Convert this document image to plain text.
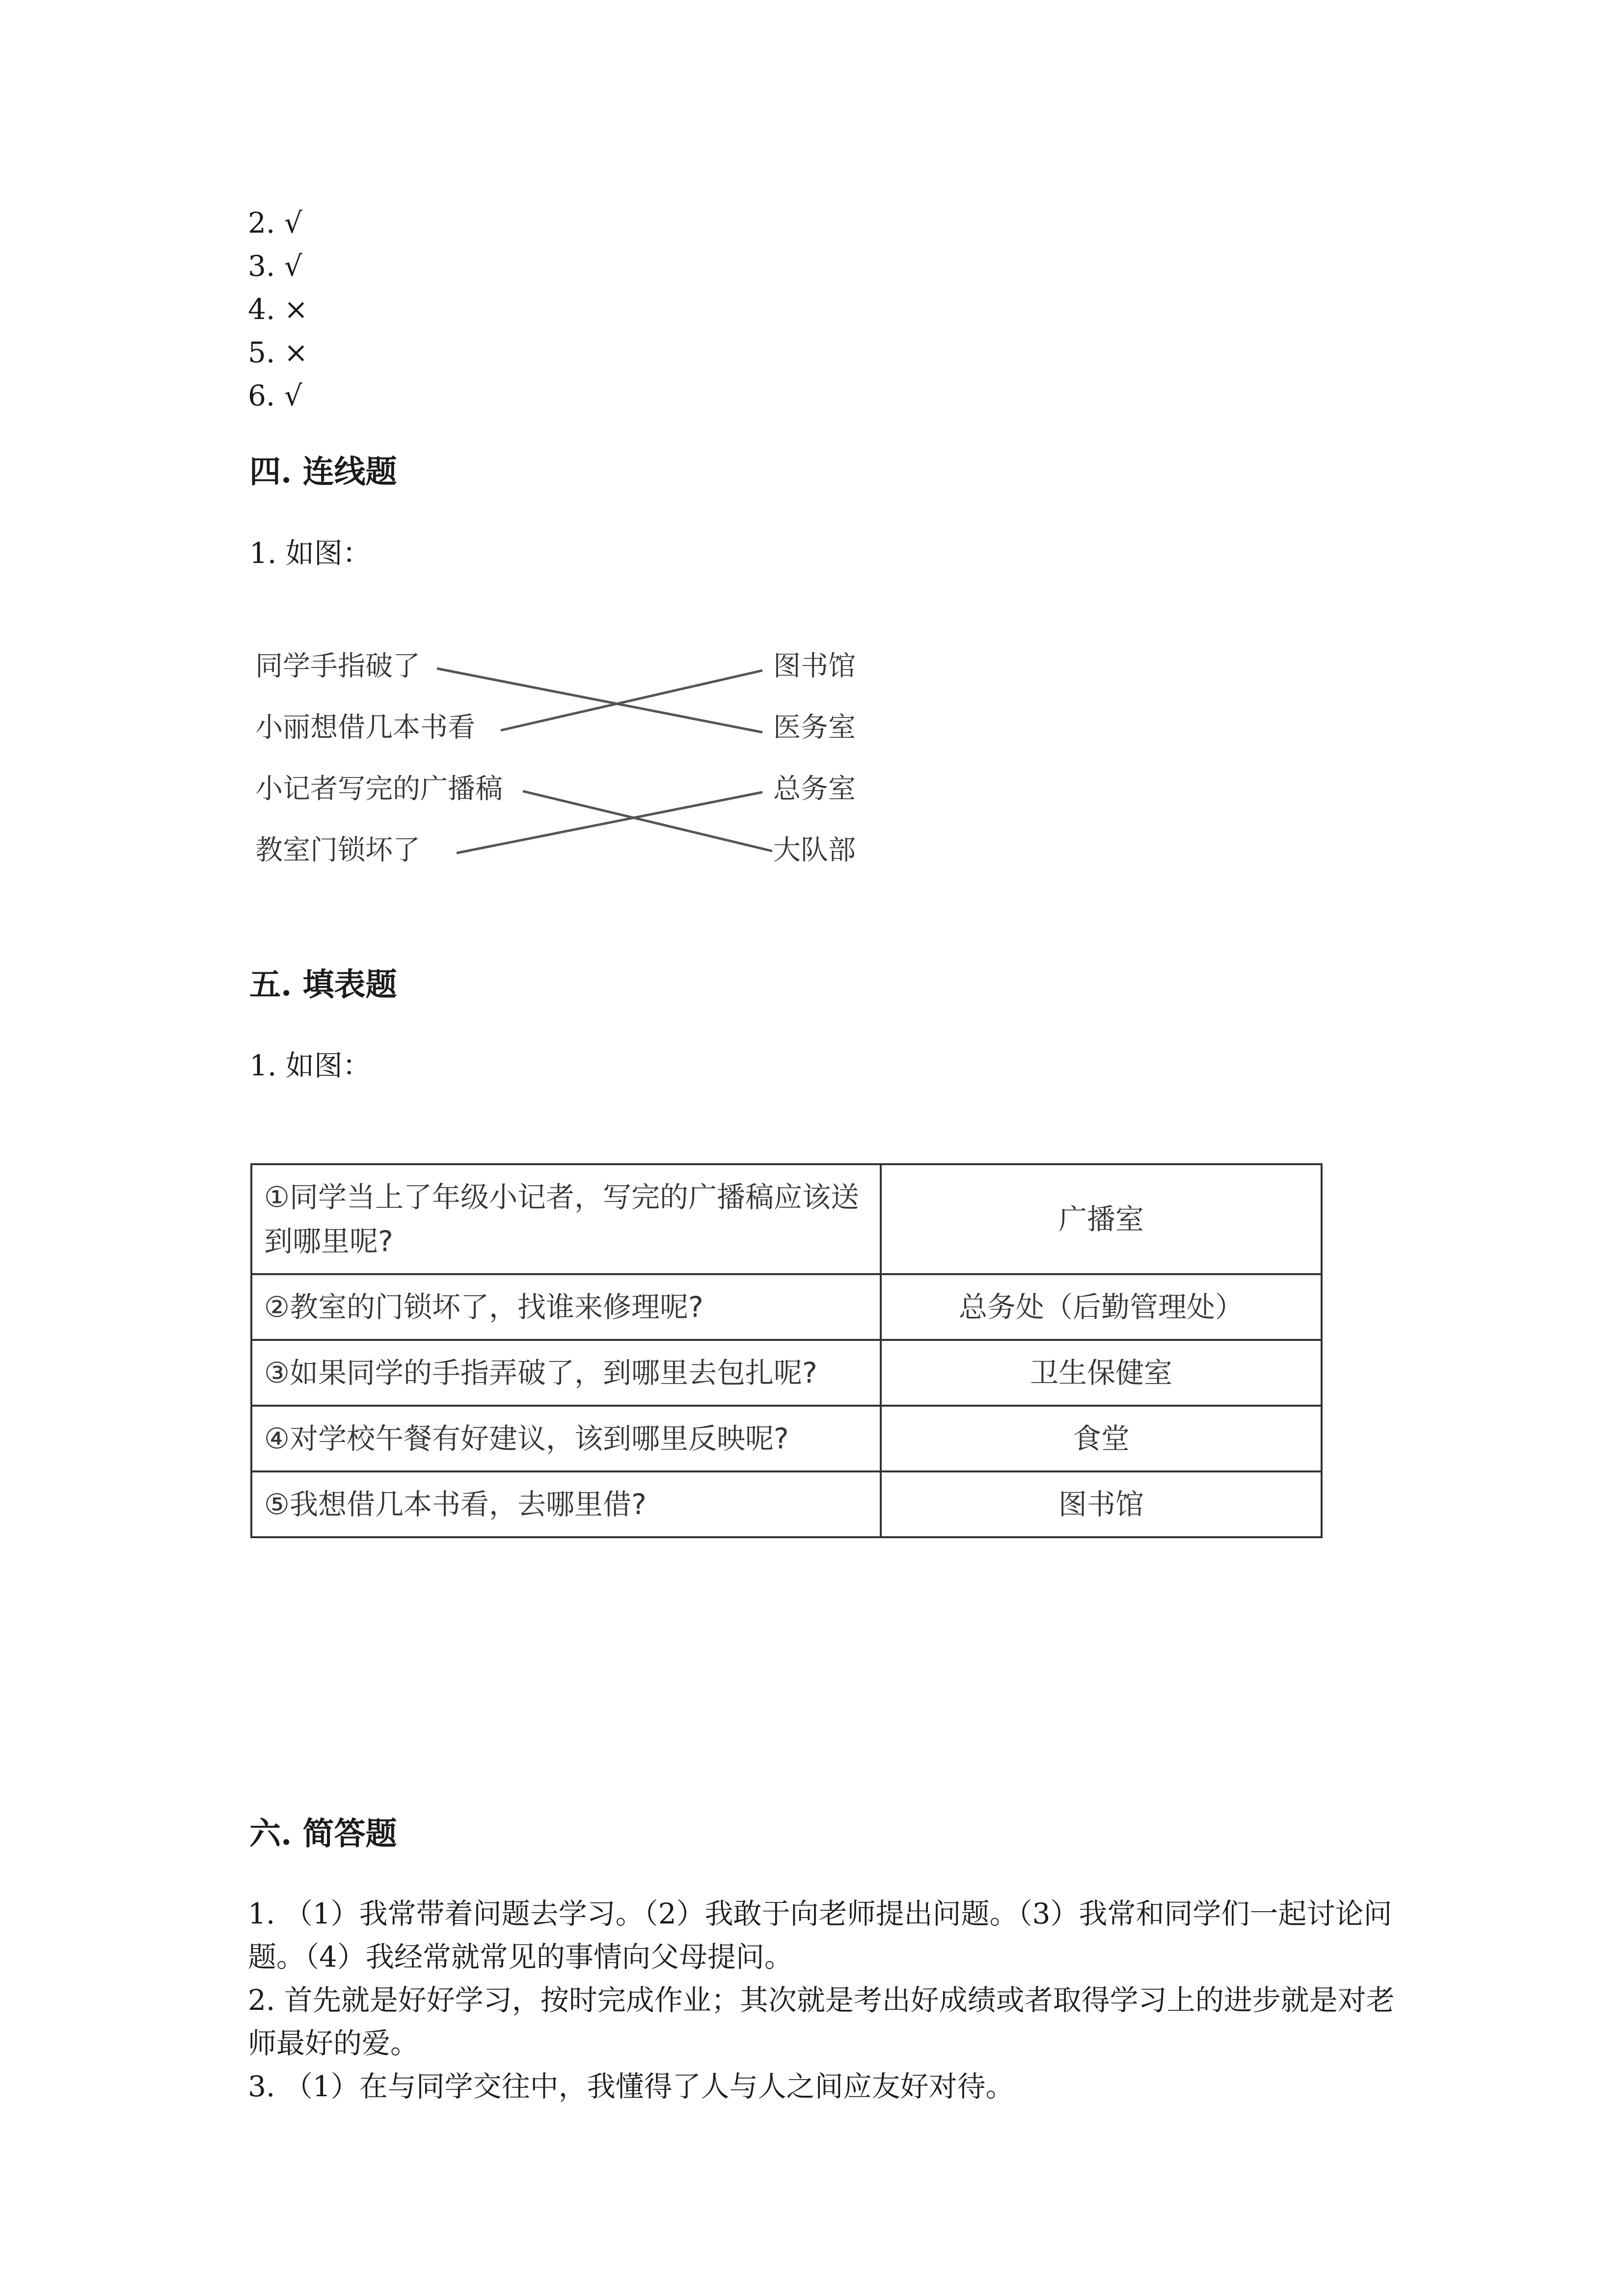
2. √
3. √
4. ×
5. ×
6. √
四. 连线题
1. 如图：
同学手指破了
小丽想借几本书看
小记者写完的广播稿
教室门锁坏了
图书馆
医务室
总务室
大队部
五. 填表题
1. 如图：
①同学当上了年级小记者，写完的广播稿应该送到哪里呢?	广播室
②教室的门锁坏了，找谁来修理呢?	总务处（后勤管理处）
③如果同学的手指弄破了，到哪里去包扎呢?	卫生保健室
④对学校午餐有好建议，该到哪里反映呢?	食堂
⑤我想借几本书看，去哪里借?	图书馆
六. 简答题

1. （1）我常带着问题去学习。（2）我敢于向老师提出问题。（3）我常和同学们一起讨论问题。（4）我经常就常见的事情向父母提问。

2. 首先就是好好学习，按时完成作业；其次就是考出好成绩或者取得学习上的进步就是对老师最好的爱。

3. （1）在与同学交往中，我懂得了人与人之间应友好对待。
